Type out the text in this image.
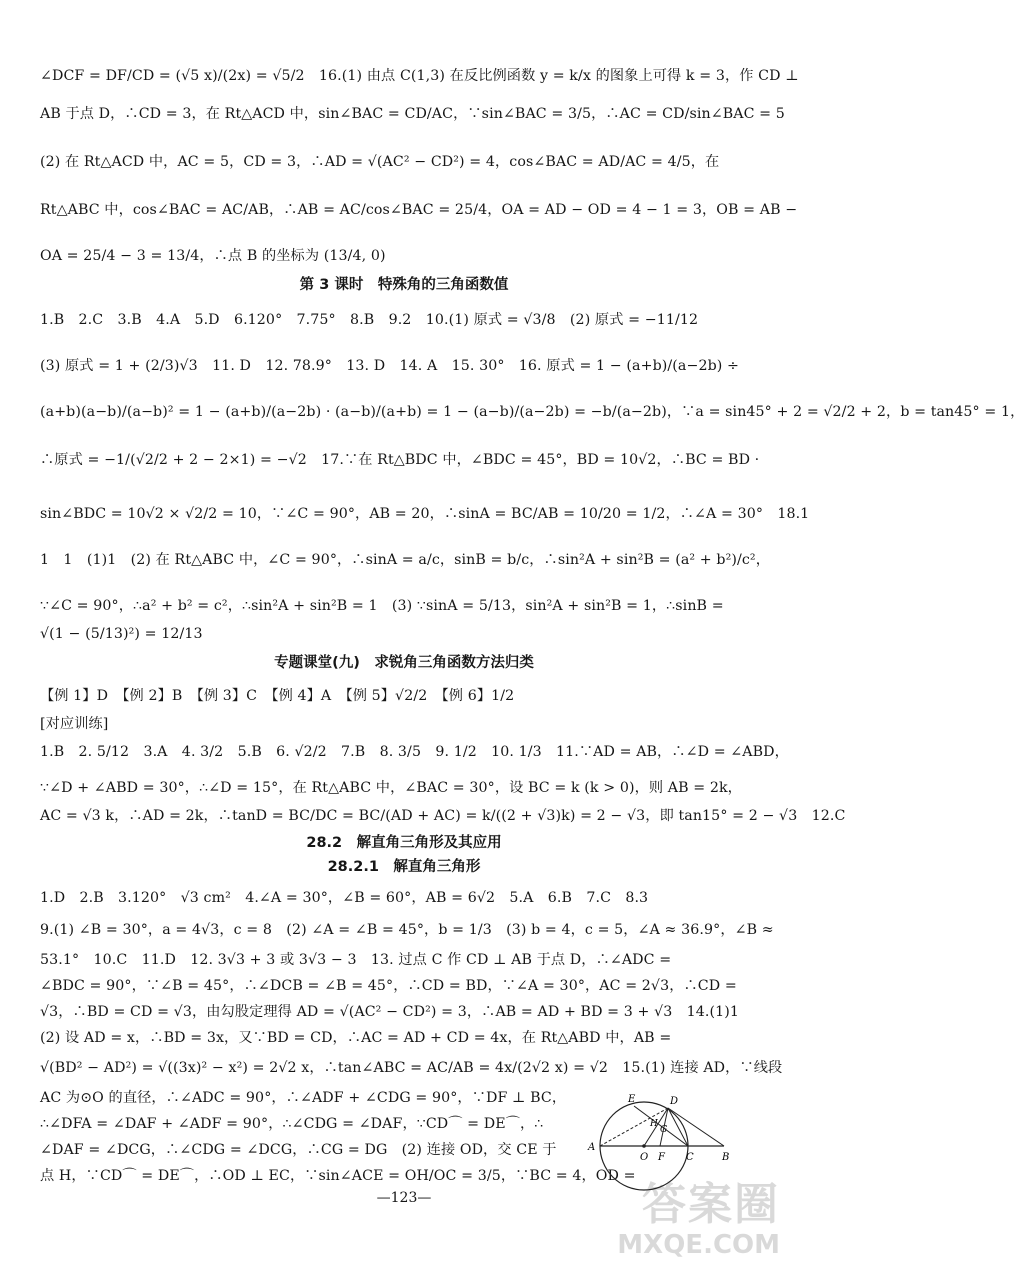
∠DCF = DF/CD = (√5 x)/(2x) = √5/2　16.(1) 由点 C(1,3) 在反比例函数 y = k/x 的图象上可得 k = 3，作 CD ⊥
AB 于点 D，∴CD = 3，在 Rt△ACD 中，sin∠BAC = CD/AC，∵sin∠BAC = 3/5，∴AC = CD/sin∠BAC = 5
(2) 在 Rt△ACD 中，AC = 5，CD = 3，∴AD = √(AC² − CD²) = 4，cos∠BAC = AD/AC = 4/5，在
Rt△ABC 中，cos∠BAC = AC/AB，∴AB = AC/cos∠BAC = 25/4，OA = AD − OD = 4 − 1 = 3，OB = AB −
OA = 25/4 − 3 = 13/4，∴点 B 的坐标为 (13/4, 0)
第 3 课时　特殊角的三角函数值
1.B　2.C　3.B　4.A　5.D　6.120°　7.75°　8.B　9.2　10.(1) 原式 = √3/8　(2) 原式 = −11/12
(3) 原式 = 1 + (2/3)√3　11. D　12. 78.9°　13. D　14. A　15. 30°　16. 原式 = 1 − (a+b)/(a−2b) ÷
(a+b)(a−b)/(a−b)² = 1 − (a+b)/(a−2b) · (a−b)/(a+b) = 1 − (a−b)/(a−2b) = −b/(a−2b)，∵a = sin45° + 2 = √2/2 + 2，b = tan45° = 1，
∴原式 = −1/(√2/2 + 2 − 2×1) = −√2　17.∵在 Rt△BDC 中，∠BDC = 45°，BD = 10√2，∴BC = BD ·
sin∠BDC = 10√2 × √2/2 = 10，∵∠C = 90°，AB = 20，∴sinA = BC/AB = 10/20 = 1/2，∴∠A = 30°　18.1
1　1　(1)1　(2) 在 Rt△ABC 中，∠C = 90°，∴sinA = a/c，sinB = b/c，∴sin²A + sin²B = (a² + b²)/c²，
∵∠C = 90°，∴a² + b² = c²，∴sin²A + sin²B = 1　(3) ∵sinA = 5/13，sin²A + sin²B = 1，∴sinB =
√(1 − (5/13)²) = 12/13
专题课堂(九)　求锐角三角函数方法归类
【例 1】D　【例 2】B　【例 3】C　【例 4】A　【例 5】√2/2　【例 6】1/2
[对应训练]
1.B　2. 5/12　3.A　4. 3/2　5.B　6. √2/2　7.B　8. 3/5　9. 1/2　10. 1/3　11.∵AD = AB，∴∠D = ∠ABD，
∵∠D + ∠ABD = 30°，∴∠D = 15°，在 Rt△ABC 中，∠BAC = 30°，设 BC = k (k > 0)，则 AB = 2k，
AC = √3 k，∴AD = 2k，∴tanD = BC/DC = BC/(AD + AC) = k/((2 + √3)k) = 2 − √3，即 tan15° = 2 − √3　12.C
28.2　解直角三角形及其应用
28.2.1　解直角三角形
1.D　2.B　3.120°　√3 cm²　4.∠A = 30°，∠B = 60°，AB = 6√2　5.A　6.B　7.C　8.3
9.(1) ∠B = 30°，a = 4√3，c = 8　(2) ∠A = ∠B = 45°，b = 1/3　(3) b = 4，c = 5，∠A ≈ 36.9°，∠B ≈
53.1°　10.C　11.D　12. 3√3 + 3 或 3√3 − 3　13. 过点 C 作 CD ⊥ AB 于点 D，∴∠ADC =
∠BDC = 90°，∵∠B = 45°，∴∠DCB = ∠B = 45°，∴CD = BD，∵∠A = 30°，AC = 2√3，∴CD =
√3，∴BD = CD = √3，由勾股定理得 AD = √(AC² − CD²) = 3，∴AB = AD + BD = 3 + √3　14.(1)1
(2) 设 AD = x，∴BD = 3x，又∵BD = CD，∴AC = AD + CD = 4x，在 Rt△ABD 中，AB =
√(BD² − AD²) = √((3x)² − x²) = 2√2 x，∴tan∠ABC = AC/AB = 4x/(2√2 x) = √2　15.(1) 连接 AD，∵线段
AC 为⊙O 的直径，∴∠ADC = 90°，∴∠ADF + ∠CDG = 90°，∵DF ⊥ BC，
∴∠DFA = ∠DAF + ∠ADF = 90°，∴∠CDG = ∠DAF，∵CD⌒ = DE⌒，∴
∠DAF = ∠DCG，∴∠CDG = ∠DCG，∴CG = DG　(2) 连接 OD，交 CE 于
点 H，∵CD⌒ = DE⌒，∴OD ⊥ EC，∵sin∠ACE = OH/OC = 3/5，∵BC = 4，OD =
E	D
H
G
A
O F C	B
—123—	答案圈
MXQE.COM
